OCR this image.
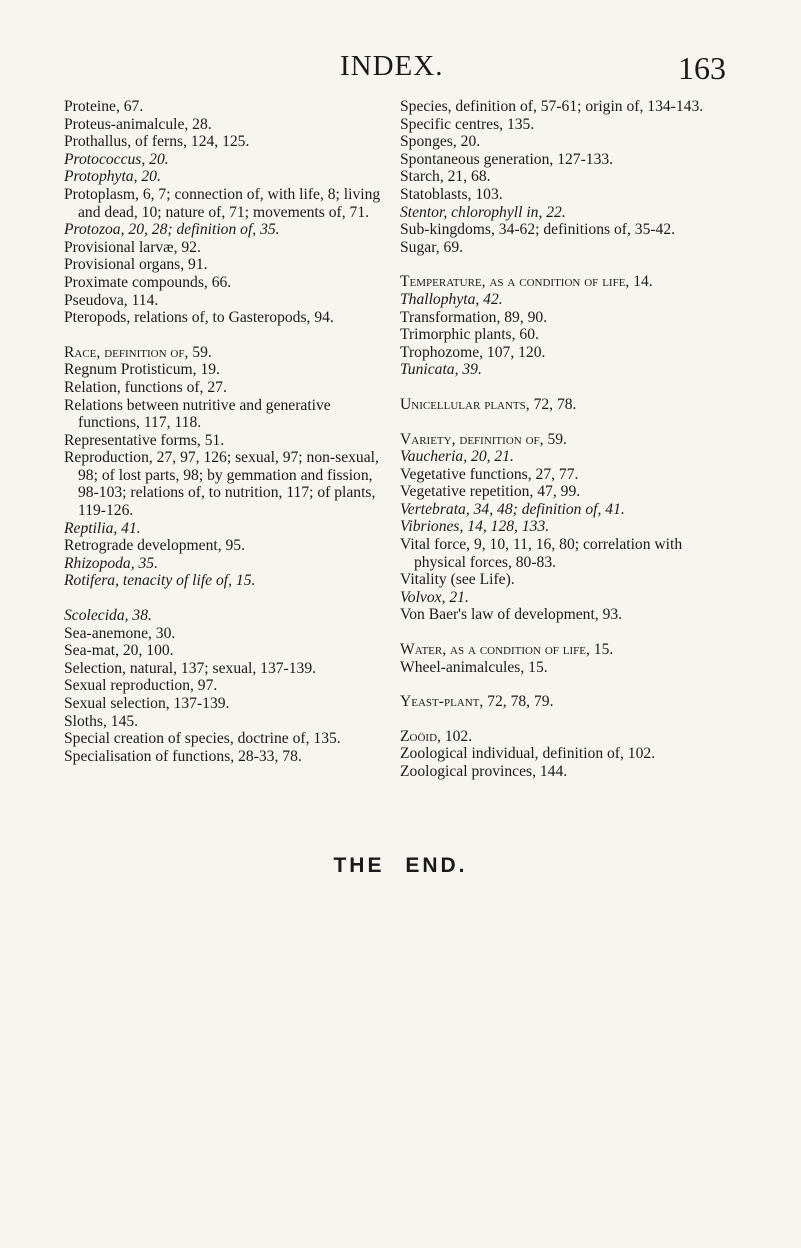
INDEX.	163

Proteine, 67.

Proteus-animalcule, 28.

Prothallus, of ferns, 124, 125.

Protococcus, 20.

Protophyta, 20.

Protoplasm, 6, 7; connection of, with life, 8; living and dead, 10; nature of, 71; movements of, 71.

Protozoa, 20, 28; definition of, 35.

Provisional larvæ, 92.

Provisional organs, 91.

Proximate compounds, 66.

Pseudova, 114.

Pteropods, relations of, to Gasteropods, 94.

Race, definition of, 59.

Regnum Protisticum, 19.

Relation, functions of, 27.

Relations between nutritive and generative functions, 117, 118.

Representative forms, 51.

Reproduction, 27, 97, 126; sexual, 97; non-sexual, 98; of lost parts, 98; by gemmation and fission, 98-103; relations of, to nutrition, 117; of plants, 119-126.

Reptilia, 41.

Retrograde development, 95.

Rhizopoda, 35.

Rotifera, tenacity of life of, 15.

Scolecida, 38.

Sea-anemone, 30.

Sea-mat, 20, 100.

Selection, natural, 137; sexual, 137-139.

Sexual reproduction, 97.

Sexual selection, 137-139.

Sloths, 145.

Special creation of species, doctrine of, 135.

Specialisation of functions, 28-33, 78.

Species, definition of, 57-61; origin of, 134-143.

Specific centres, 135.

Sponges, 20.

Spontaneous generation, 127-133.

Starch, 21, 68.

Statoblasts, 103.

Stentor, chlorophyll in, 22.

Sub-kingdoms, 34-62; definitions of, 35-42.

Sugar, 69.

Temperature, as a condition of life, 14.

Thallophyta, 42.

Transformation, 89, 90.

Trimorphic plants, 60.

Trophozome, 107, 120.

Tunicata, 39.

Unicellular plants, 72, 78.

Variety, definition of, 59.

Vaucheria, 20, 21.

Vegetative functions, 27, 77.

Vegetative repetition, 47, 99.

Vertebrata, 34, 48; definition of, 41.

Vibriones, 14, 128, 133.

Vital force, 9, 10, 11, 16, 80; correlation with physical forces, 80-83.

Vitality (see Life).

Volvox, 21.

Von Baer's law of development, 93.

Water, as a condition of life, 15.

Wheel-animalcules, 15.

Yeast-plant, 72, 78, 79.

Zoöid, 102.

Zoological individual, definition of, 102.

Zoological provinces, 144.

THE END.
